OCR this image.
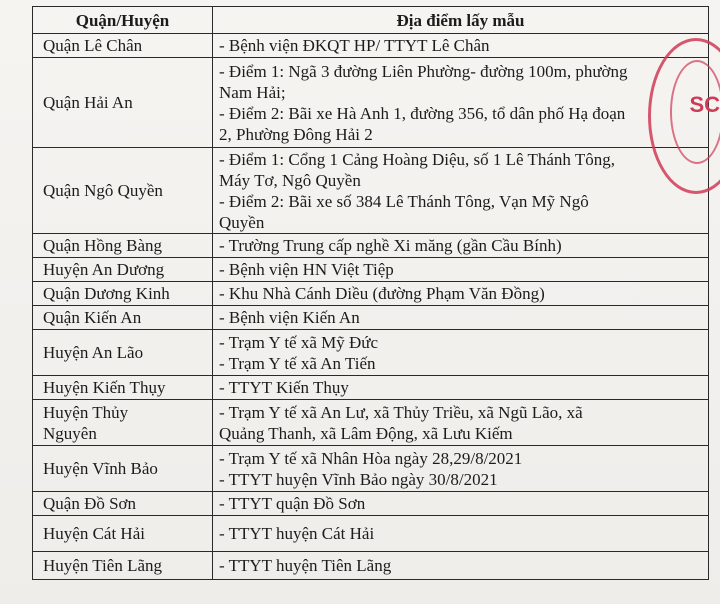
Quận/Huyện	Địa điểm lấy mẫu
Quận Lê Chân	- Bệnh viện ĐKQT HP/ TTYT Lê Chân
Quận Hải An	- Điểm 1: Ngã 3 đường Liên Phường- đường 100m, phường
Nam Hải;
- Điểm 2: Bãi xe Hà Anh 1, đường 356, tổ dân phố Hạ đoạn
2, Phường Đông Hải 2
Quận Ngô Quyền	- Điểm 1: Cổng 1 Cảng Hoàng Diệu, số 1 Lê Thánh Tông,
Máy Tơ, Ngô Quyền
- Điểm 2: Bãi xe số 384 Lê Thánh Tông, Vạn Mỹ Ngô
Quyền
Quận Hồng Bàng	- Trường Trung cấp nghề Xi măng (gần Cầu Bính)
Huyện An Dương	- Bệnh viện HN Việt Tiệp
Quận Dương Kinh	- Khu Nhà Cánh Diều (đường Phạm Văn Đồng)
Quận Kiến An	- Bệnh viện Kiến An
Huyện An Lão	- Trạm Y tế xã Mỹ Đức
- Trạm Y tế xã An Tiến
Huyện Kiến Thụy	- TTYT Kiến Thụy
Huyện Thủy
Nguyên	- Trạm Y tế xã An Lư, xã Thủy Triều, xã Ngũ Lão, xã
Quảng Thanh, xã Lâm Động, xã Lưu Kiếm
Huyện Vĩnh Bảo	- Trạm Y tế xã Nhân Hòa ngày 28,29/8/2021
- TTYT huyện Vĩnh Bảo ngày 30/8/2021
Quận Đồ Sơn	- TTYT quận Đồ Sơn
Huyện Cát Hải	- TTYT huyện Cát Hải
Huyện Tiên Lãng	- TTYT huyện Tiên Lãng
SC
